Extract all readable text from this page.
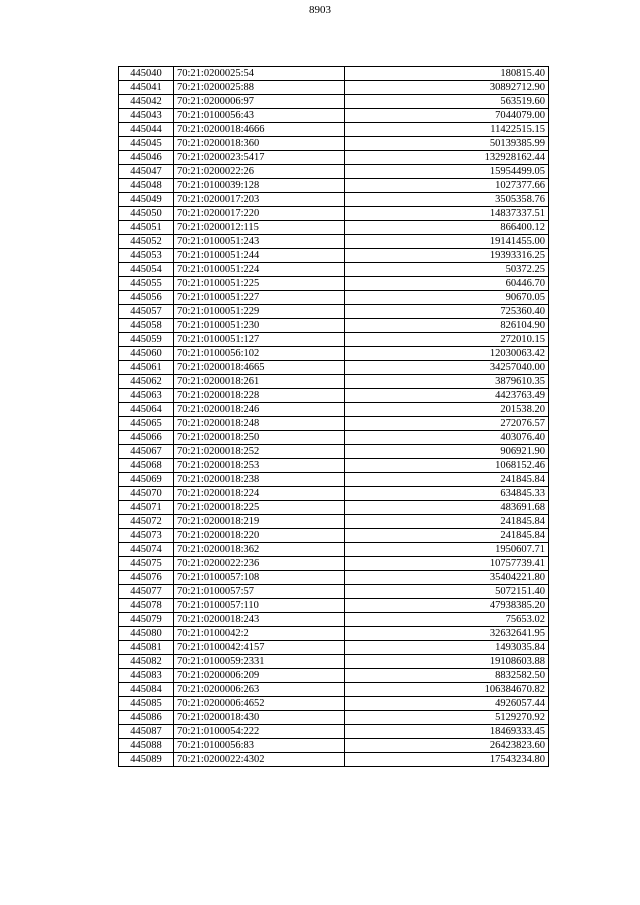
8903
445040	70:21:0200025:54	180815.40
445041	70:21:0200025:88	30892712.90
445042	70:21:0200006:97	563519.60
445043	70:21:0100056:43	7044079.00
445044	70:21:0200018:4666	11422515.15
445045	70:21:0200018:360	50139385.99
445046	70:21:0200023:5417	132928162.44
445047	70:21:0200022:26	15954499.05
445048	70:21:0100039:128	1027377.66
445049	70:21:0200017:203	3505358.76
445050	70:21:0200017:220	14837337.51
445051	70:21:0200012:115	866400.12
445052	70:21:0100051:243	19141455.00
445053	70:21:0100051:244	19393316.25
445054	70:21:0100051:224	50372.25
445055	70:21:0100051:225	60446.70
445056	70:21:0100051:227	90670.05
445057	70:21:0100051:229	725360.40
445058	70:21:0100051:230	826104.90
445059	70:21:0100051:127	272010.15
445060	70:21:0100056:102	12030063.42
445061	70:21:0200018:4665	34257040.00
445062	70:21:0200018:261	3879610.35
445063	70:21:0200018:228	4423763.49
445064	70:21:0200018:246	201538.20
445065	70:21:0200018:248	272076.57
445066	70:21:0200018:250	403076.40
445067	70:21:0200018:252	906921.90
445068	70:21:0200018:253	1068152.46
445069	70:21:0200018:238	241845.84
445070	70:21:0200018:224	634845.33
445071	70:21:0200018:225	483691.68
445072	70:21:0200018:219	241845.84
445073	70:21:0200018:220	241845.84
445074	70:21:0200018:362	1950607.71
445075	70:21:0200022:236	10757739.41
445076	70:21:0100057:108	35404221.80
445077	70:21:0100057:57	5072151.40
445078	70:21:0100057:110	47938385.20
445079	70:21:0200018:243	75653.02
445080	70:21:0100042:2	32632641.95
445081	70:21:0100042:4157	1493035.84
445082	70:21:0100059:2331	19108603.88
445083	70:21:0200006:209	8832582.50
445084	70:21:0200006:263	106384670.82
445085	70:21:0200006:4652	4926057.44
445086	70:21:0200018:430	5129270.92
445087	70:21:0100054:222	18469333.45
445088	70:21:0100056:83	26423823.60
445089	70:21:0200022:4302	17543234.80
